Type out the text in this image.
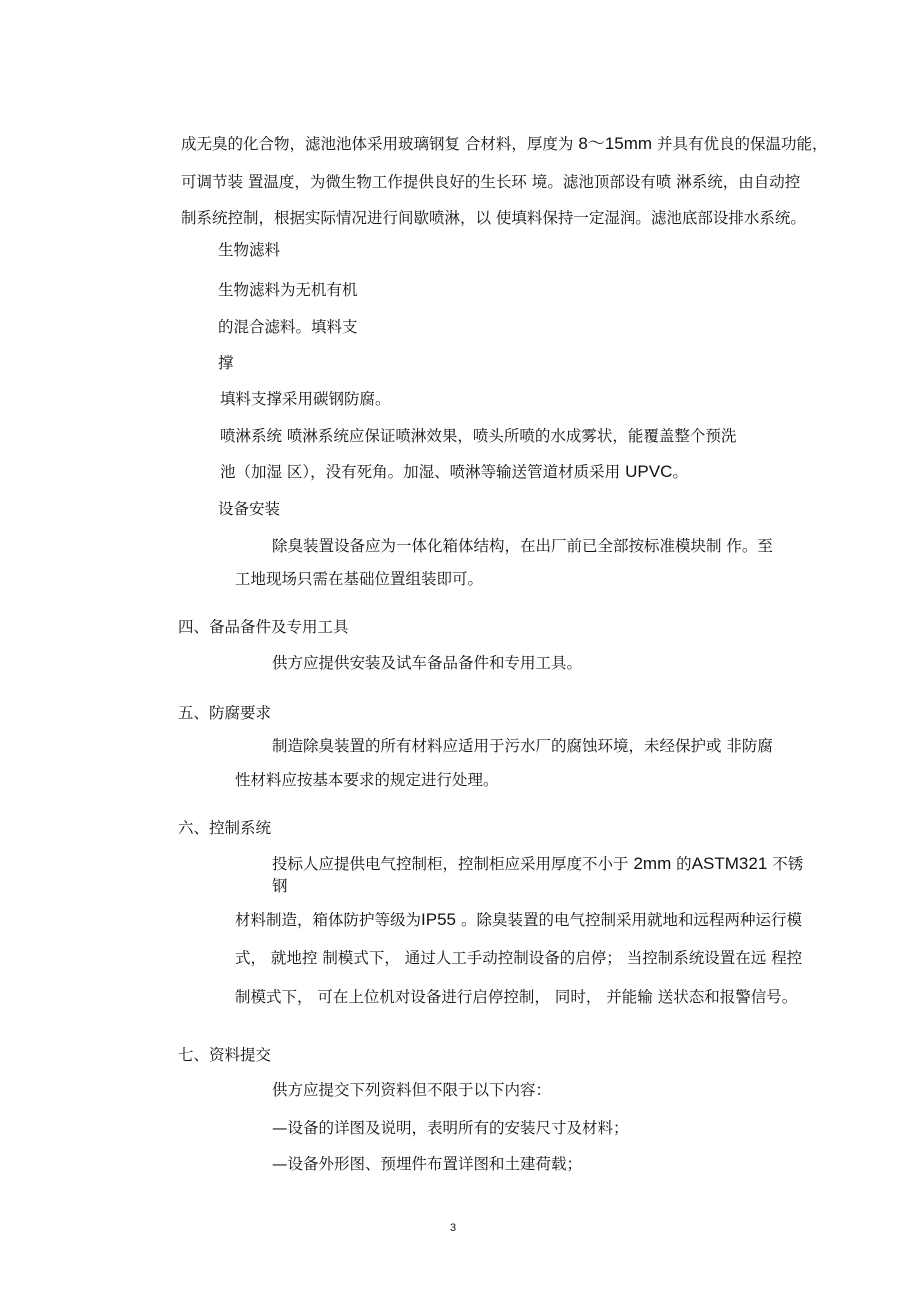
成无臭的化合物，滤池池体采用玻璃钢复 合材料，厚度为 8～15mm 并具有优良的保温功能，
可调节装 置温度，为微生物工作提供良好的生长环 境。滤池顶部设有喷 淋系统，由自动控
制系统控制，根据实际情况进行间歇喷淋，以 使填料保持一定湿润。滤池底部设排水系统。
生物滤料
生物滤料为无机有机
的混合滤料。填料支
撑
填料支撑采用碳钢防腐。
喷淋系统 喷淋系统应保证喷淋效果，喷头所喷的水成雾状，能覆盖整个预洗
池（加湿 区），没有死角。加湿、喷淋等输送管道材质采用 UPVC。
设备安装
除臭装置设备应为一体化箱体结构，在出厂前已全部按标准模块制 作。至
工地现场只需在基础位置组装即可。
四、备品备件及专用工具
供方应提供安装及试车备品备件和专用工具。
五、防腐要求
制造除臭装置的所有材料应适用于污水厂的腐蚀环境，未经保护或 非防腐
性材料应按基本要求的规定进行处理。
六、控制系统
投标人应提供电气控制柜，控制柜应采用厚度不小于 2mm 的ASTM321 不锈
钢
材料制造，箱体防护等级为IP55 。除臭装置的电气控制采用就地和远程两种运行模
式， 就地控 制模式下， 通过人工手动控制设备的启停； 当控制系统设置在远 程控
制模式下， 可在上位机对设备进行启停控制， 同时， 并能输 送状态和报警信号。
七、资料提交
供方应提交下列资料但不限于以下内容：
—设备的详图及说明，表明所有的安装尺寸及材料；
—设备外形图、预埋件布置详图和土建荷载；
3
